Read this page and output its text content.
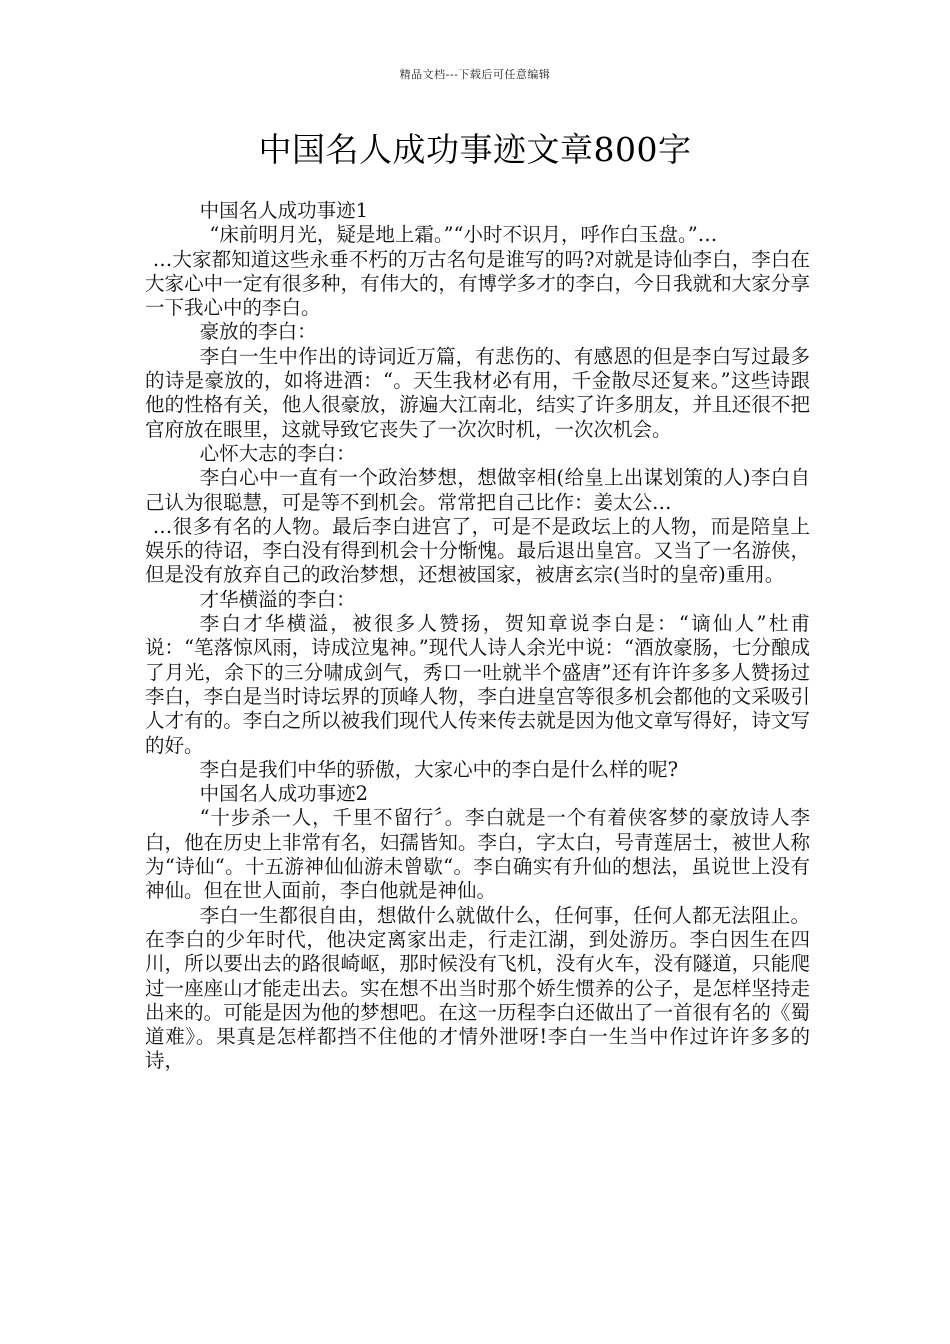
精品文档---下载后可任意编辑
中国名人成功事迹文章800字

中国名人成功事迹1

“床前明月光，疑是地上霜。”“小时不识月，呼作白玉盘。”…

…大家都知道这些永垂不朽的万古名句是谁写的吗?对就是诗仙李白，李白在大家心中一定有很多种，有伟大的，有博学多才的李白，今日我就和大家分享一下我心中的李白。

豪放的李白：

李白一生中作出的诗词近万篇，有悲伤的、有感恩的但是李白写过最多的诗是豪放的，如将进酒：“。天生我材必有用，千金散尽还复来。”这些诗跟他的性格有关，他人很豪放，游遍大江南北，结实了许多朋友，并且还很不把官府放在眼里，这就导致它丧失了一次次时机，一次次机会。

心怀大志的李白：

李白心中一直有一个政治梦想，想做宰相(给皇上出谋划策的人)李白自己认为很聪慧，可是等不到机会。常常把自己比作：姜太公…

…很多有名的人物。最后李白进宫了，可是不是政坛上的人物，而是陪皇上娱乐的待诏，李白没有得到机会十分惭愧。最后退出皇宫。又当了一名游侠，但是没有放弃自己的政治梦想，还想被国家，被唐玄宗(当时的皇帝)重用。

才华横溢的李白：

李白才华横溢，被很多人赞扬，贺知章说李白是：“谪仙人”杜甫说：“笔落惊风雨，诗成泣鬼神。”现代人诗人余光中说：“酒放豪肠，七分酿成了月光，余下的三分啸成剑气，秀口一吐就半个盛唐”还有许许多多人赞扬过李白，李白是当时诗坛界的顶峰人物，李白进皇宫等很多机会都他的文采吸引人才有的。李白之所以被我们现代人传来传去就是因为他文章写得好，诗文写的好。

李白是我们中华的骄傲，大家心中的李白是什么样的呢?

中国名人成功事迹2

“十步杀一人，千里不留行〞。李白就是一个有着侠客梦的豪放诗人李白，他在历史上非常有名，妇孺皆知。李白，字太白，号青莲居士，被世人称为“诗仙“。十五游神仙仙游未曾歇“。李白确实有升仙的想法，虽说世上没有神仙。但在世人面前，李白他就是神仙。

李白一生都很自由，想做什么就做什么，任何事，任何人都无法阻止。在李白的少年时代，他决定离家出走，行走江湖，到处游历。李白因生在四川，所以要出去的路很崎岖，那时候没有飞机，没有火车，没有隧道，只能爬过一座座山才能走出去。实在想不出当时那个娇生惯养的公子，是怎样坚持走出来的。可能是因为他的梦想吧。在这一历程李白还做出了一首很有名的《蜀道难》。果真是怎样都挡不住他的才情外泄呀!李白一生当中作过许许多多的诗，
